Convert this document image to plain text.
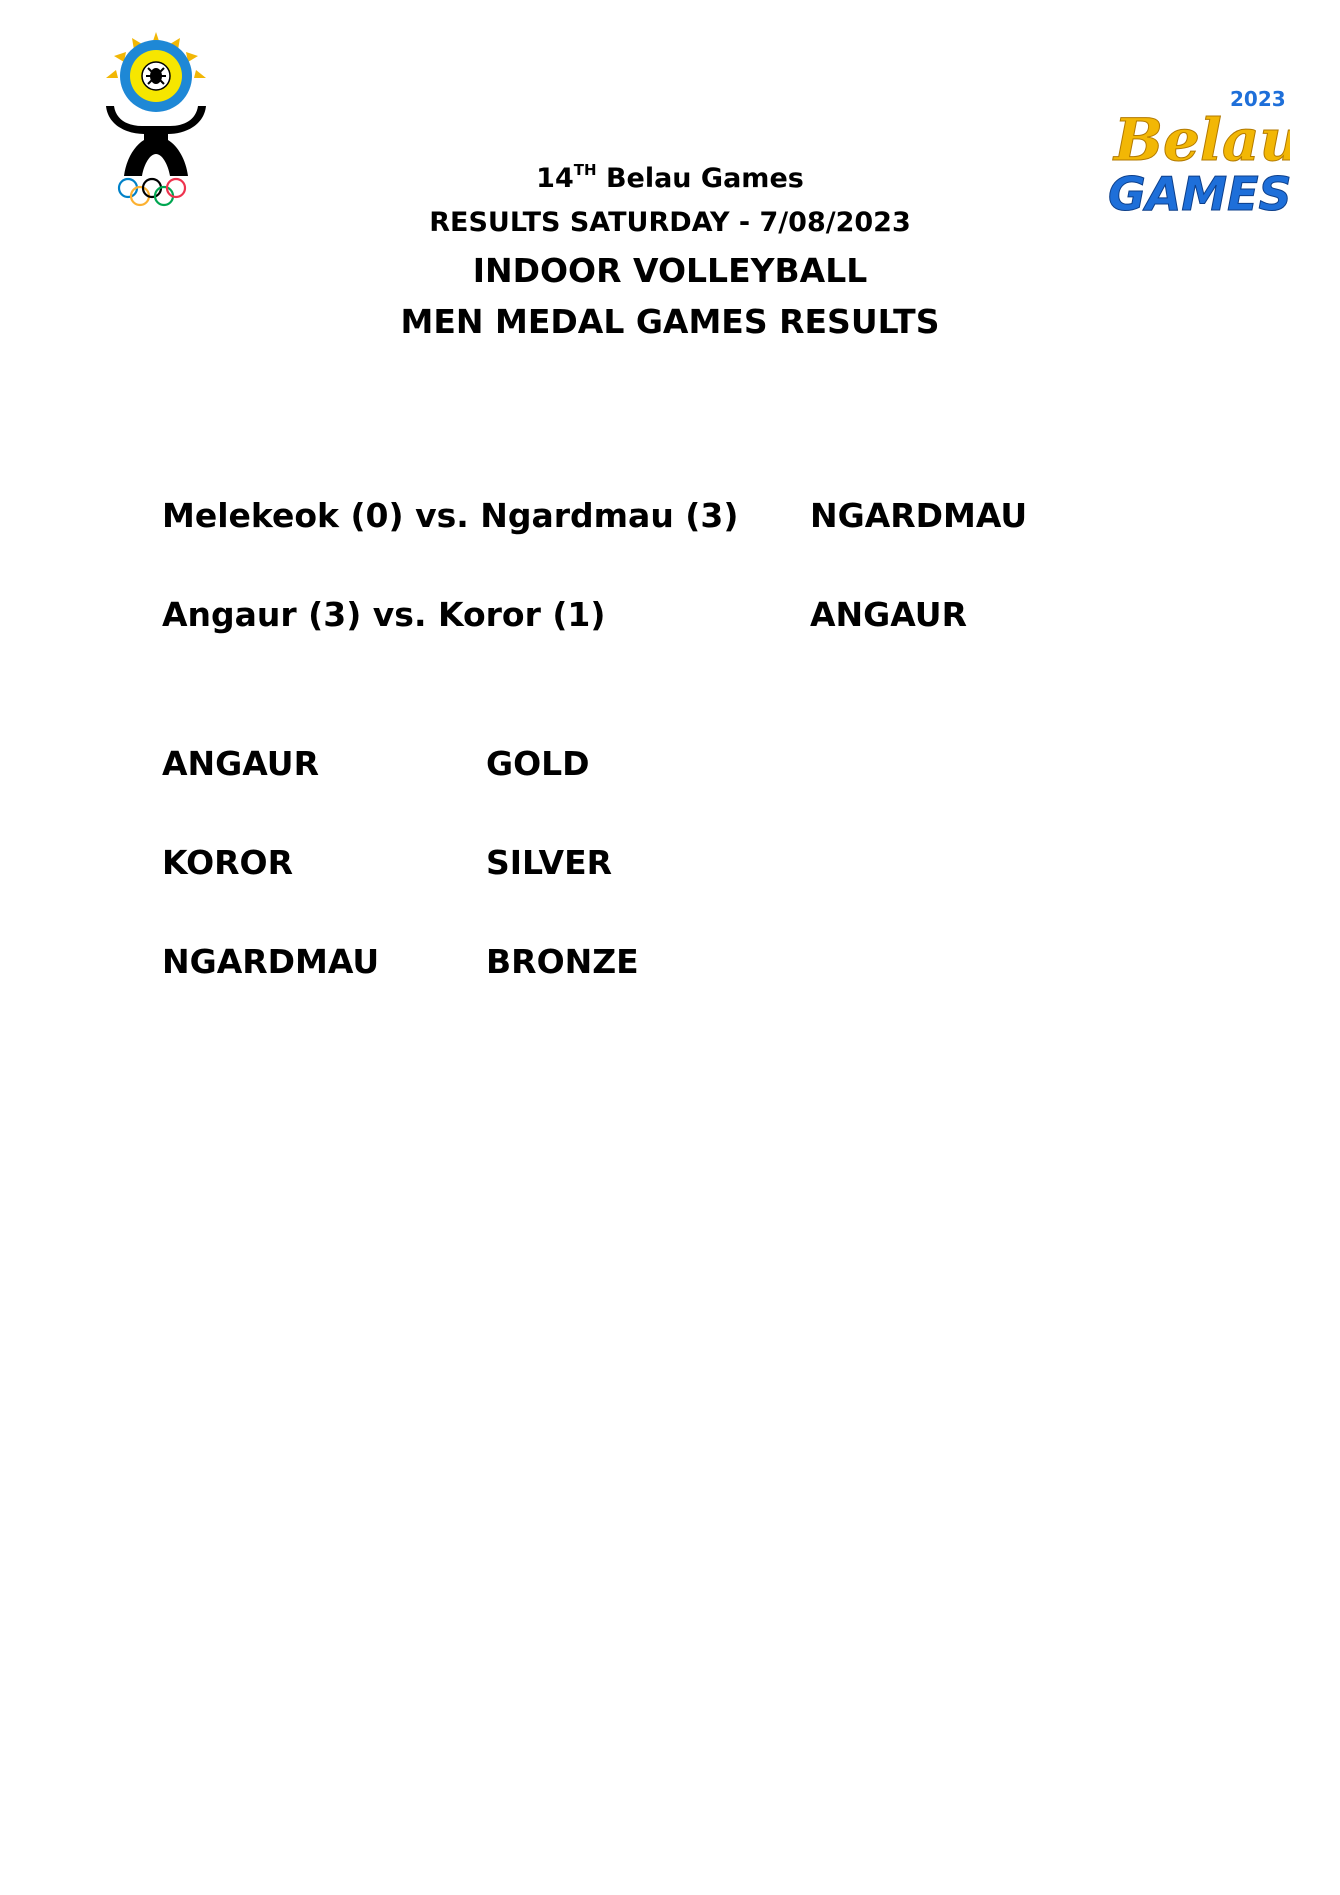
2023
Belau
GAMES
14TH Belau Games
RESULTS SATURDAY - 7/08/2023
INDOOR VOLLEYBALL
MEN MEDAL GAMES RESULTS
Melekeok (0) vs. Ngardmau (3) NGARDMAU
Angaur (3) vs. Koror (1)	ANGAUR
ANGAUR	GOLD
KOROR	SILVER
NGARDMAU	BRONZE
